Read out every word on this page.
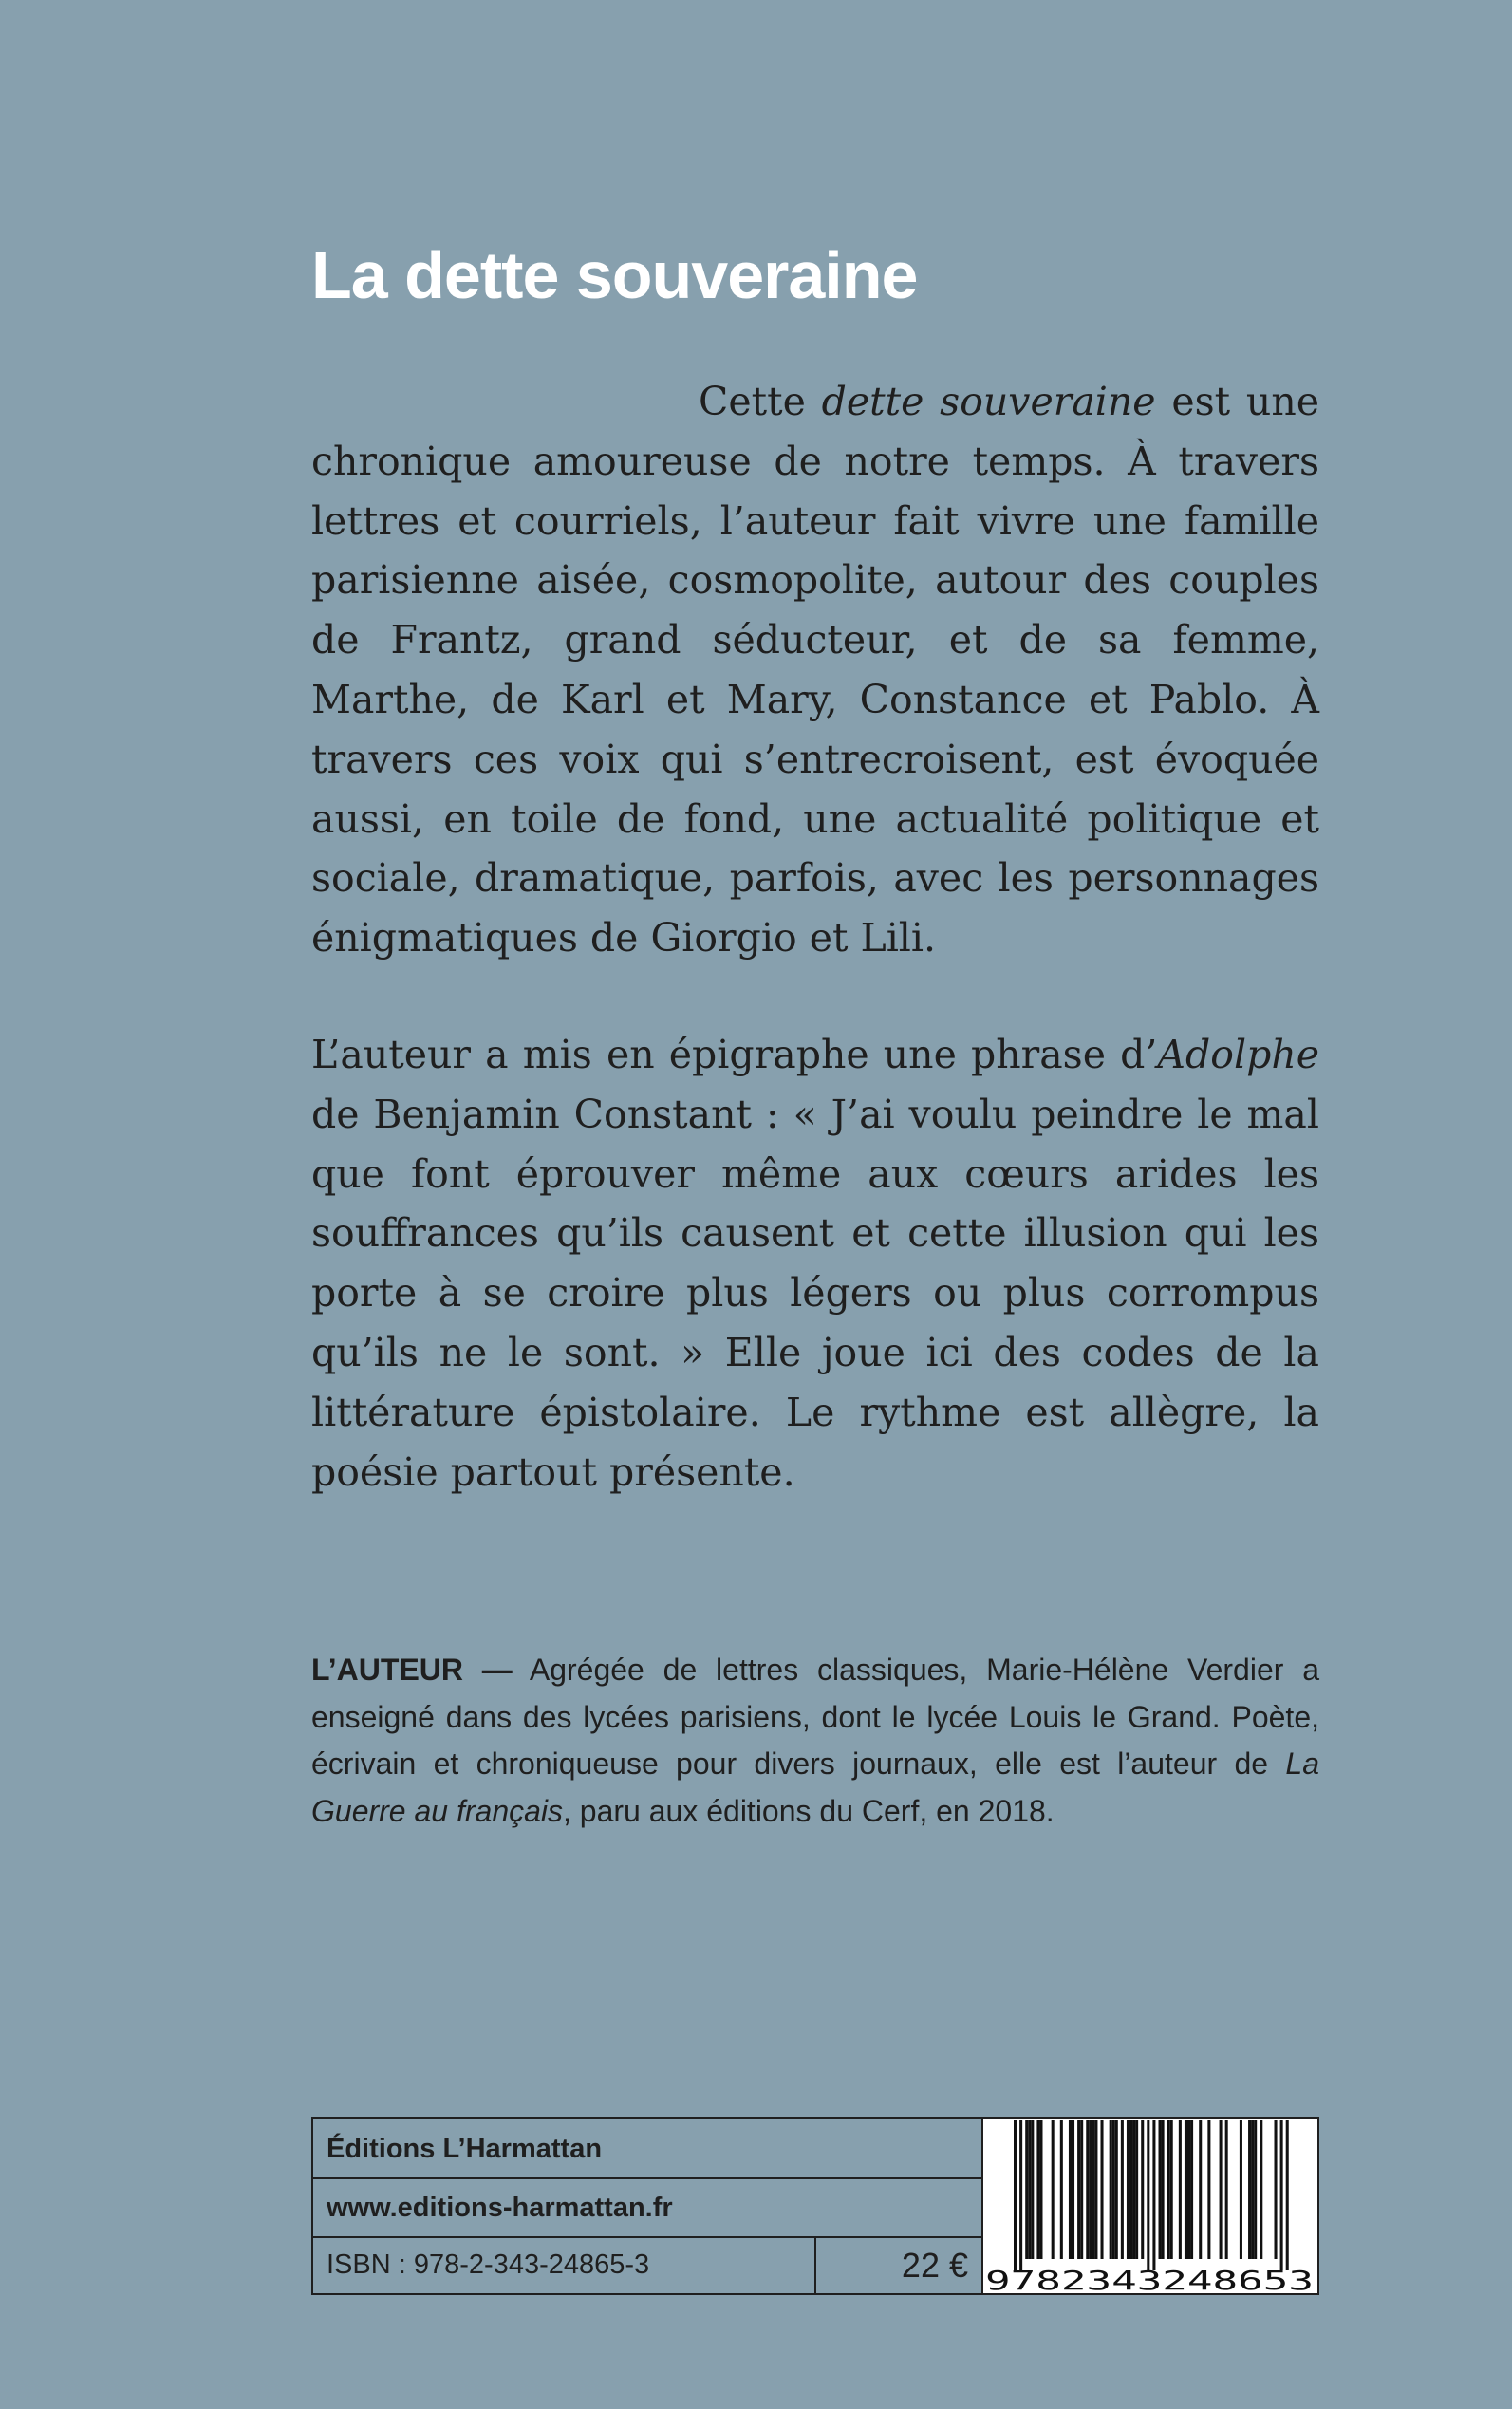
La dette souveraine

Cette dette souveraine est une chronique amoureuse de notre temps. À travers lettres et courriels, l’auteur fait vivre une famille parisienne aisée, cosmopolite, autour des couples de Frantz, grand séducteur, et de sa femme, Marthe, de Karl et Mary, Constance et Pablo. À travers ces voix qui s’entrecroisent, est évoquée aussi, en toile de fond, une actualité politique et sociale, dramatique, parfois, avec les personnages énigmatiques de Giorgio et Lili.

L’auteur a mis en épigraphe une phrase d’Adolphe de Benjamin Constant : « J’ai voulu peindre le mal que font éprouver même aux cœurs arides les souffrances qu’ils causent et cette illusion qui les porte à se croire plus légers ou plus corrompus qu’ils ne le sont. » Elle joue ici des codes de la littérature épistolaire. Le rythme est allègre, la poésie partout présente.

L’AUTEUR — Agrégée de lettres classiques, Marie-Hélène Verdier a enseigné dans des lycées parisiens, dont le lycée Louis le Grand. Poète, écrivain et chroniqueuse pour divers journaux, elle est l’auteur de La Guerre au français, paru aux éditions du Cerf, en 2018.

Éditions L’Harmattan
www.editions-harmattan.fr
ISBN : 978-2-343-24865-3	22 € 9782343248653
